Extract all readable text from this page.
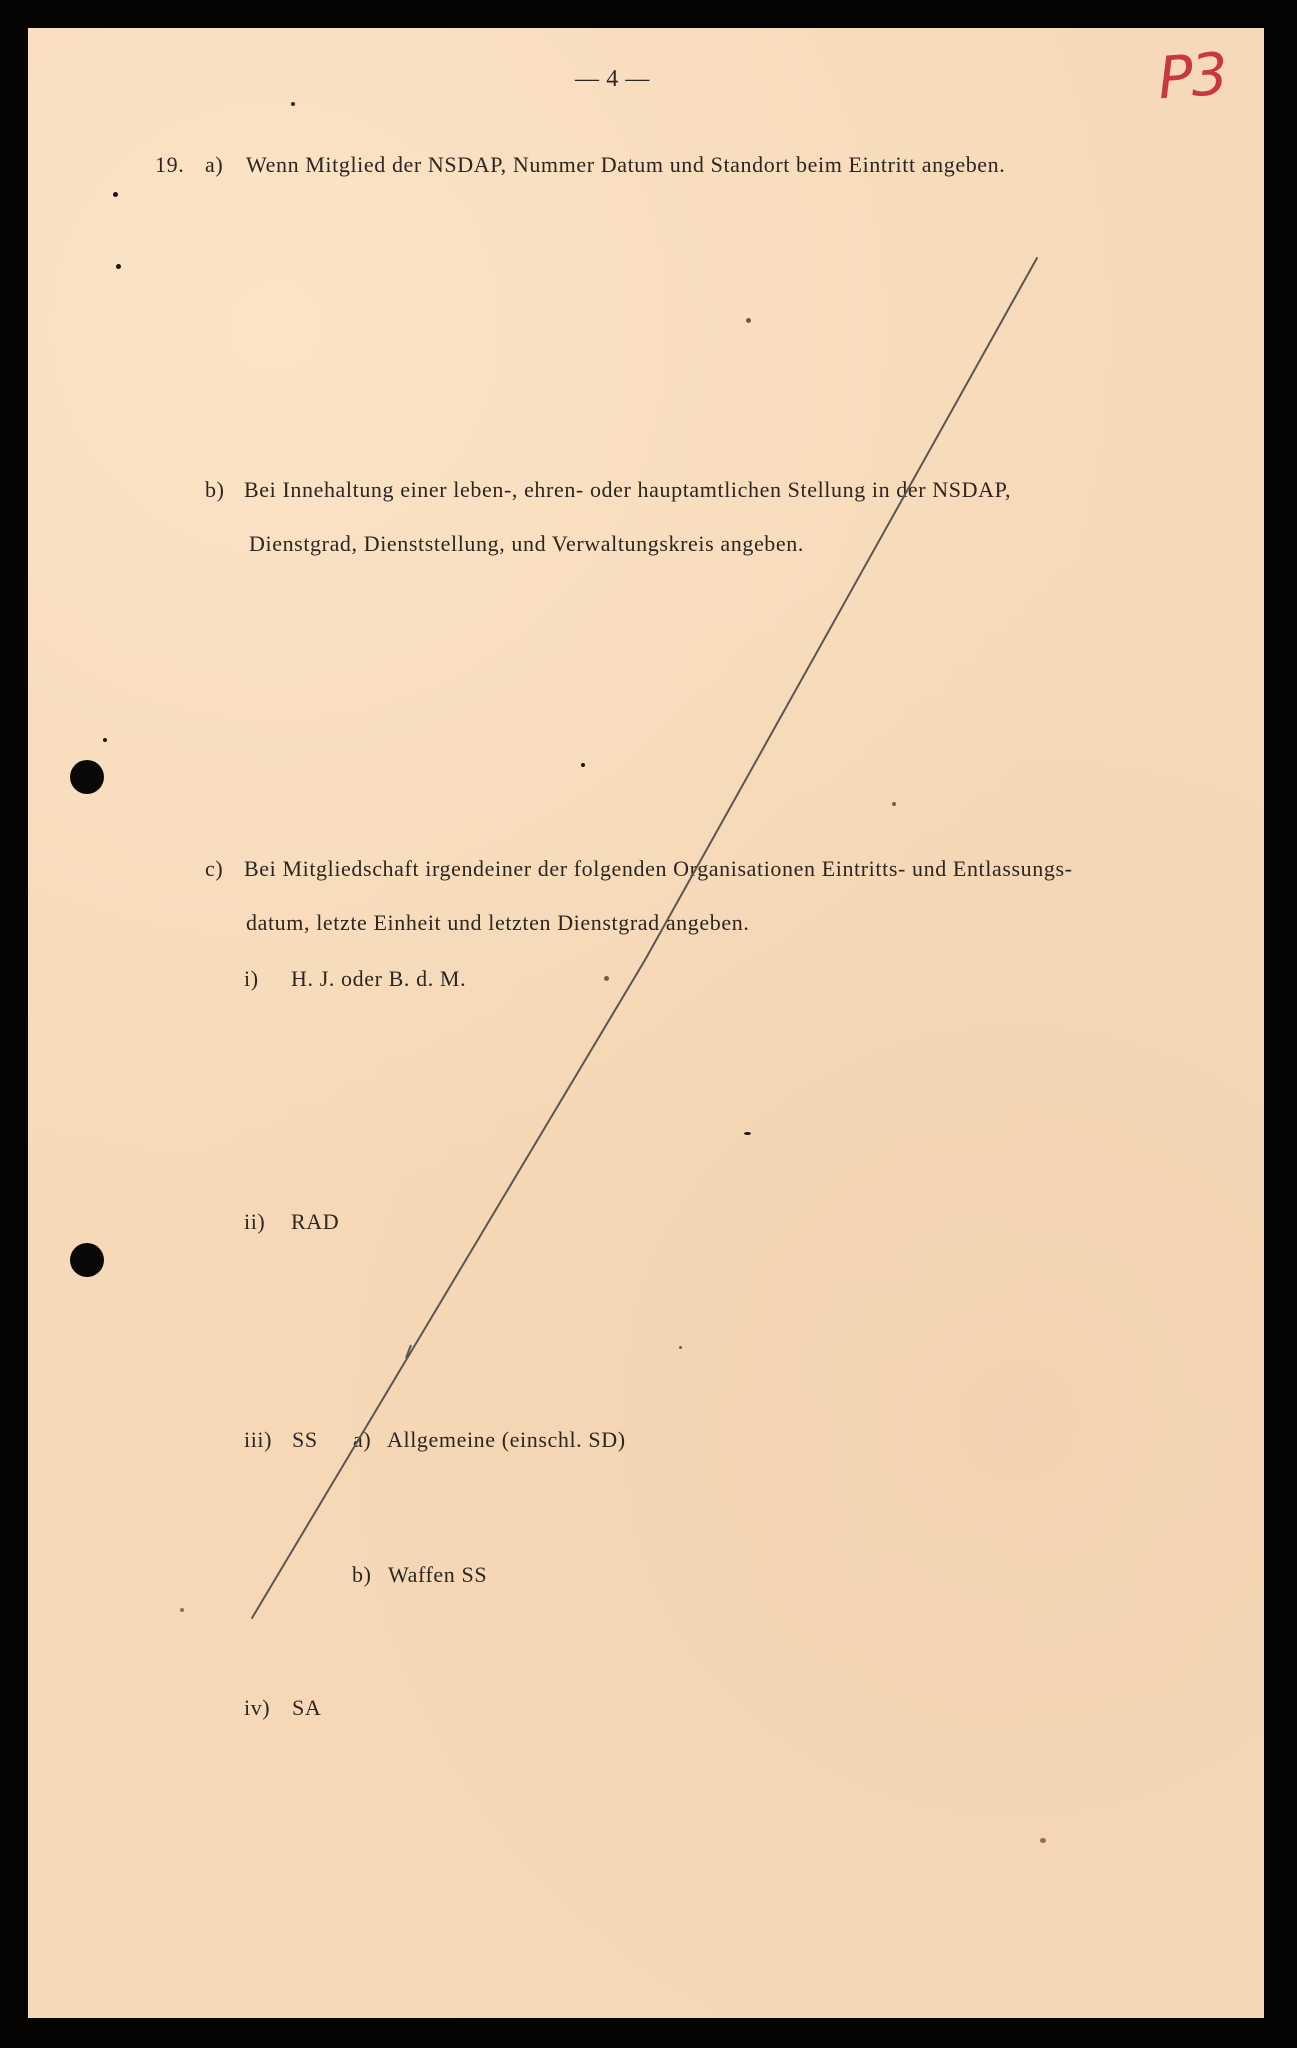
— 4 —	P3
19. a) Wenn Mitglied der NSDAP, Nummer Datum und Standort beim Eintritt angeben.
b) Bei Innehaltung einer leben-, ehren- oder hauptamtlichen Stellung in der NSDAP,
Dienstgrad, Dienststellung, und Verwaltungskreis angeben.
c) Bei Mitgliedschaft irgendeiner der folgenden Organisationen Eintritts- und Entlassungs-
datum, letzte Einheit und letzten Dienstgrad angeben.
i) H. J. oder B. d. M.
ii) RAD
iii) SS a) Allgemeine (einschl. SD)
b) Waffen SS
iv) SA
